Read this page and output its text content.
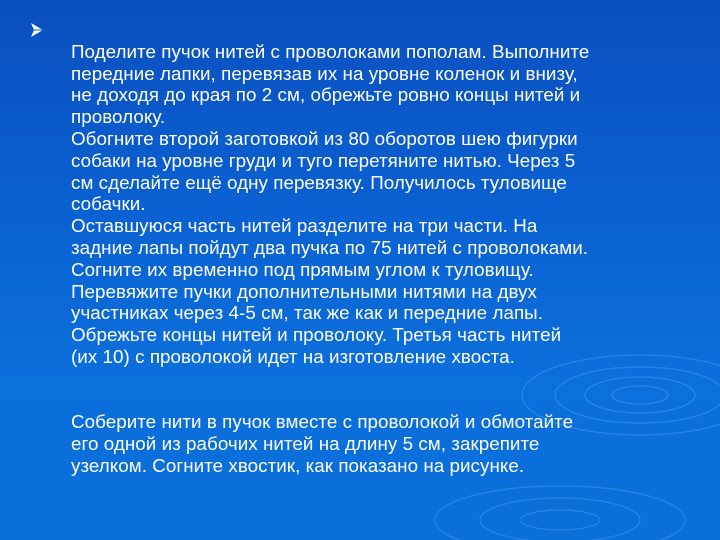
Поделите пучок нитей с проволоками пополам. Выполните
передние лапки, перевязав их на уровне коленок и внизу,
не доходя до края по 2 см, обрежьте ровно концы нитей и
проволоку.
Обогните второй заготовкой из 80 оборотов шею фигурки
собаки на уровне груди и туго перетяните нитью. Через 5
см сделайте ещё одну перевязку. Получилось туловище
собачки.
Оставшуюся часть нитей разделите на три части. На
задние лапы пойдут два пучка по 75 нитей с проволоками.
Согните их временно под прямым углом к туловищу.
Перевяжите пучки дополнительными нитями на двух
участниках через 4-5 см, так же как и передние лапы.
Обрежьте концы нитей и проволоку. Третья часть нитей
(их 10) с проволокой идет на изготовление хвоста.

Соберите нити в пучок вместе с проволокой и обмотайте
его одной из рабочих нитей на длину 5 см, закрепите
узелком. Согните хвостик, как показано на рисунке.
